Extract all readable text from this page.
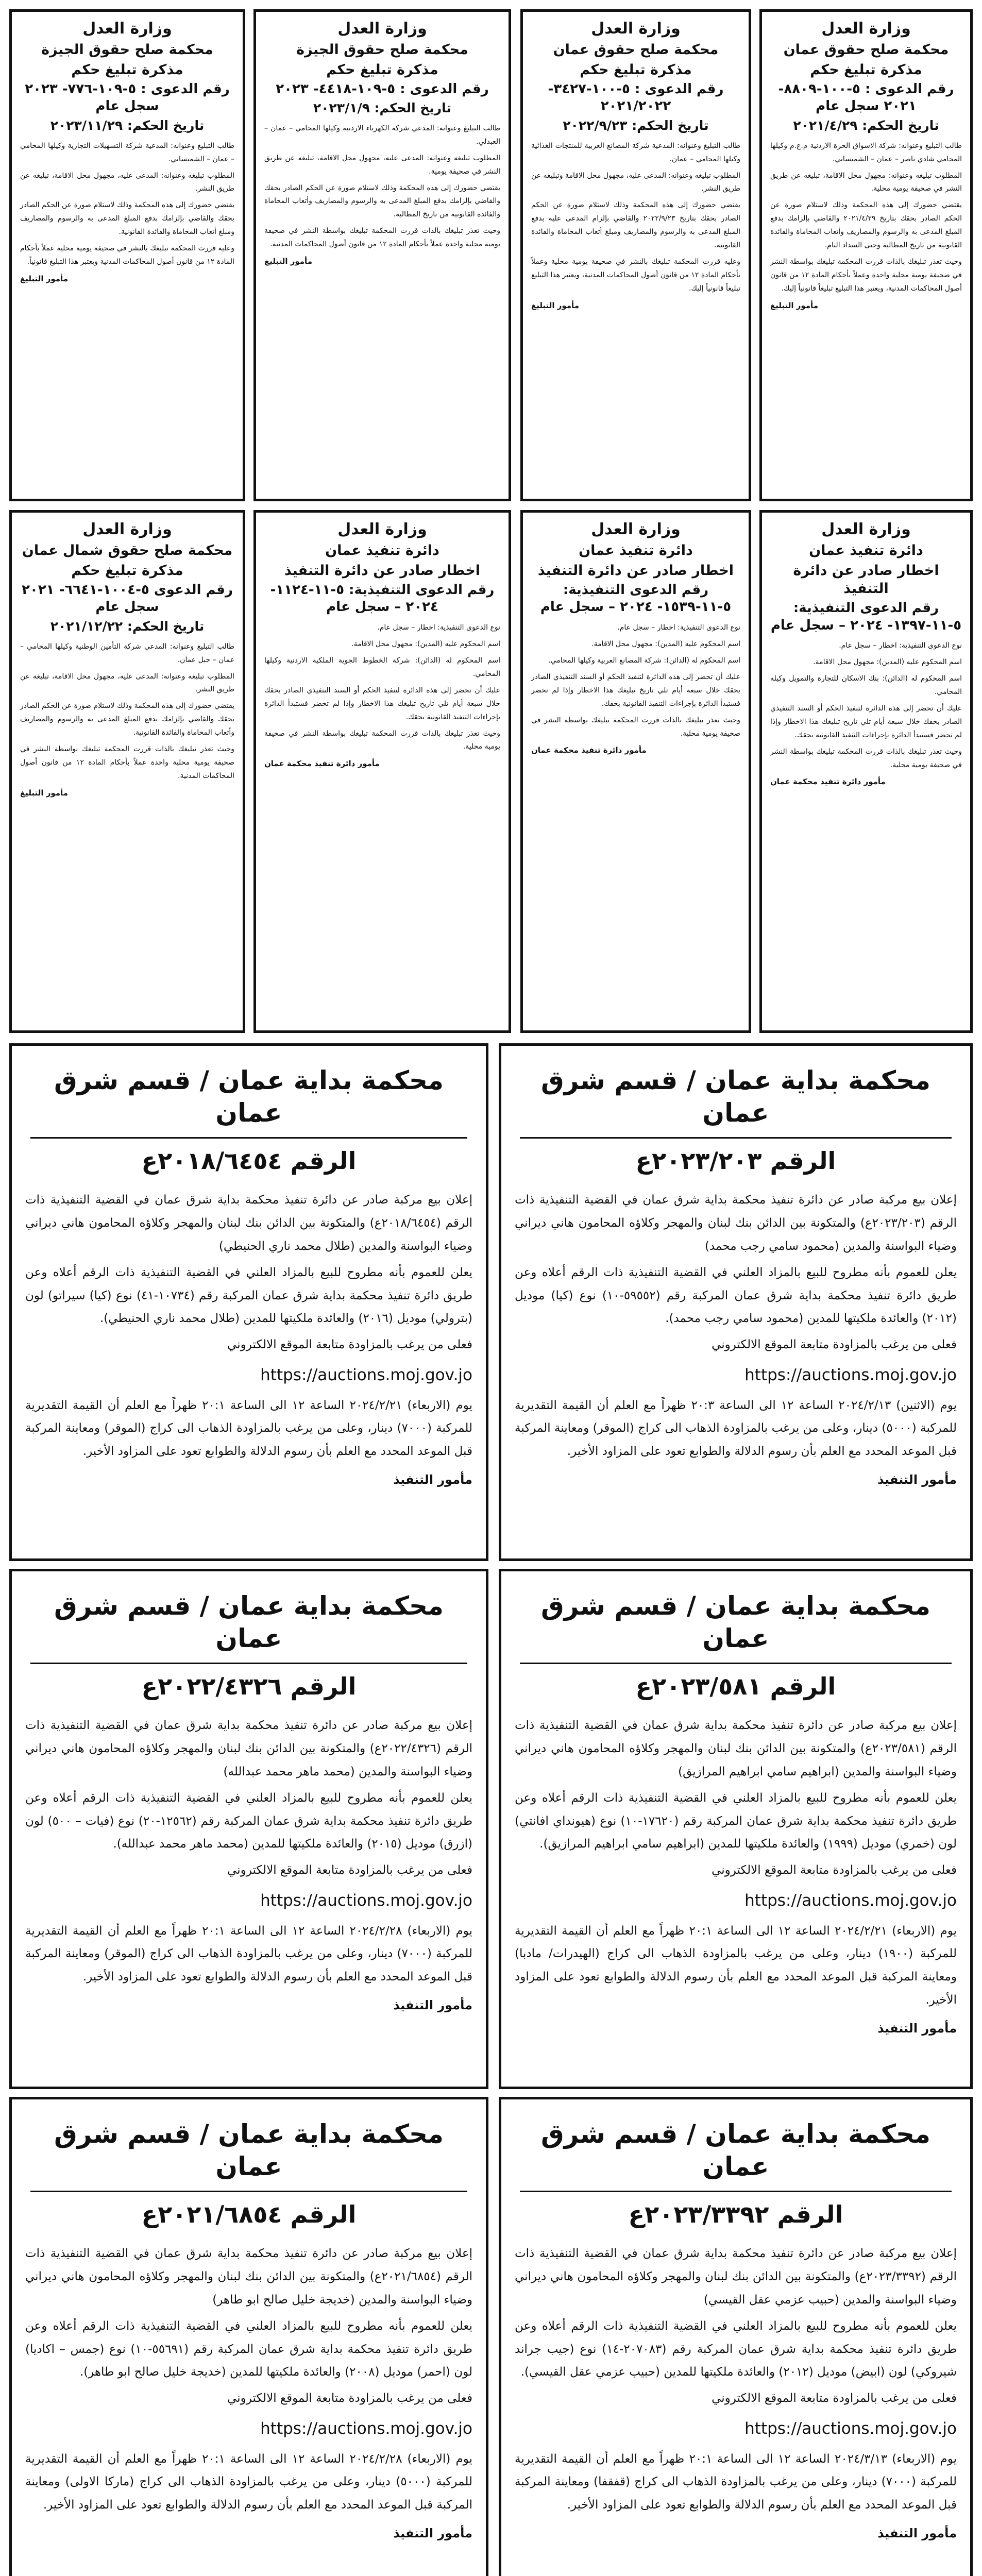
وزارة العدل
محكمة صلح حقوق عمان
مذكرة تبليغ حكم
رقم الدعوى : ٥-١٠٠-٨٨٠٩- ٢٠٢١ سجل عام
تاريخ الحكم: ٢٠٢١/٤/٢٩

طالب التبليغ وعنوانه: شركة الاسواق الحرة الاردنية م.ع.م وكيلها المحامي شادي ناصر – عمان – الشميساني.

المطلوب تبليغه وعنوانه: مجهول محل الاقامة، تبليغه عن طريق النشر في صحيفة يومية محلية.

يقتضي حضورك إلى هذه المحكمة وذلك لاستلام صورة عن الحكم الصادر بحقك بتاريخ ٢٠٢١/٤/٢٩ والقاضي بإلزامك بدفع المبلغ المدعى به والرسوم والمصاريف وأتعاب المحاماة والفائدة القانونية من تاريخ المطالبة وحتى السداد التام.

وحيث تعذر تبليغك بالذات قررت المحكمة تبليغك بواسطة النشر في صحيفة يومية محلية واحدة وعملاً بأحكام المادة ١٢ من قانون أصول المحاكمات المدنية، ويعتبر هذا التبليغ تبليغاً قانونياً إليك.

مأمور التبليغ
وزارة العدل
محكمة صلح حقوق عمان
مذكرة تبليغ حكم
رقم الدعوى : ٥-١٠٠-٣٤٢٧- ٢٠٢١/٢٠٢٢
تاريخ الحكم: ٢٠٢٢/٩/٢٣

طالب التبليغ وعنوانه: المدعية شركة المصانع العربية للمنتجات الغذائية وكيلها المحامي – عمان.

المطلوب تبليغه وعنوانه: المدعى عليه، مجهول محل الاقامة وتبليغه عن طريق النشر.

يقتضي حضورك إلى هذه المحكمة وذلك لاستلام صورة عن الحكم الصادر بحقك بتاريخ ٢٠٢٢/٩/٢٣ والقاضي بإلزام المدعى عليه بدفع المبلغ المدعى به والرسوم والمصاريف ومبلغ أتعاب المحاماة والفائدة القانونية.

وعليه قررت المحكمة تبليغك بالنشر في صحيفة يومية محلية وعملاً بأحكام المادة ١٢ من قانون أصول المحاكمات المدنية، ويعتبر هذا التبليغ تبليغاً قانونياً إليك.

مأمور التبليغ
وزارة العدل
محكمة صلح حقوق الجيزة
مذكرة تبليغ حكم
رقم الدعوى : ٥-١٠٩-٤٤١٨- ٢٠٢٣
تاريخ الحكم: ٢٠٢٣/١/٩

طالب التبليغ وعنوانه: المدعي شركة الكهرباء الاردنية وكيلها المحامي – عمان – العبدلي.

المطلوب تبليغه وعنوانه: المدعى عليه، مجهول محل الاقامة، تبليغه عن طريق النشر في صحيفة يومية.

يقتضي حضورك إلى هذه المحكمة وذلك لاستلام صورة عن الحكم الصادر بحقك والقاضي بإلزامك بدفع المبلغ المدعى به والرسوم والمصاريف وأتعاب المحاماة والفائدة القانونية من تاريخ المطالبة.

وحيث تعذر تبليغك بالذات قررت المحكمة تبليغك بواسطة النشر في صحيفة يومية محلية واحدة عملاً بأحكام المادة ١٢ من قانون أصول المحاكمات المدنية.

مأمور التبليغ
وزارة العدل
محكمة صلح حقوق الجيزة
مذكرة تبليغ حكم
رقم الدعوى : ٥-١٠٩-٧٧٦- ٢٠٢٣ سجل عام
تاريخ الحكم: ٢٠٢٣/١١/٢٩

طالب التبليغ وعنوانه: المدعية شركة التسهيلات التجارية وكيلها المحامي – عمان – الشميساني.

المطلوب تبليغه وعنوانه: المدعى عليه، مجهول محل الاقامة، تبليغه عن طريق النشر.

يقتضي حضورك إلى هذه المحكمة وذلك لاستلام صورة عن الحكم الصادر بحقك والقاضي بإلزامك بدفع المبلغ المدعى به والرسوم والمصاريف ومبلغ أتعاب المحاماة والفائدة القانونية.

وعليه قررت المحكمة تبليغك بالنشر في صحيفة يومية محلية عملاً بأحكام المادة ١٢ من قانون أصول المحاكمات المدنية ويعتبر هذا التبليغ قانونياً.

مأمور التبليغ
وزارة العدل
دائرة تنفيذ عمان
اخطار صادر عن دائرة التنفيذ
رقم الدعوى التنفيذية: ٥-١١-١٣٩٧- ٢٠٢٤ – سجل عام

نوع الدعوى التنفيذية: اخطار – سجل عام.

اسم المحكوم عليه (المدين): مجهول محل الاقامة.

اسم المحكوم له (الدائن): بنك الاسكان للتجارة والتمويل وكيله المحامي.

عليك أن تحضر إلى هذه الدائرة لتنفيذ الحكم أو السند التنفيذي الصادر بحقك خلال سبعة أيام تلي تاريخ تبليغك هذا الاخطار وإذا لم تحضر فستبدأ الدائرة بإجراءات التنفيذ القانونية بحقك.

وحيث تعذر تبليغك بالذات قررت المحكمة تبليغك بواسطة النشر في صحيفة يومية محلية.

مأمور دائرة تنفيذ محكمة عمان
وزارة العدل
دائرة تنفيذ عمان
اخطار صادر عن دائرة التنفيذ
رقم الدعوى التنفيذية: ٥-١١-١٥٣٩- ٢٠٢٤ – سجل عام

نوع الدعوى التنفيذية: اخطار – سجل عام.

اسم المحكوم عليه (المدين): مجهول محل الاقامة.

اسم المحكوم له (الدائن): شركة المصانع العربية وكيلها المحامي.

عليك أن تحضر إلى هذه الدائرة لتنفيذ الحكم أو السند التنفيذي الصادر بحقك خلال سبعة أيام تلي تاريخ تبليغك هذا الاخطار وإذا لم تحضر فستبدأ الدائرة بإجراءات التنفيذ القانونية بحقك.

وحيث تعذر تبليغك بالذات قررت المحكمة تبليغك بواسطة النشر في صحيفة يومية محلية.

مأمور دائرة تنفيذ محكمة عمان
وزارة العدل
دائرة تنفيذ عمان
اخطار صادر عن دائرة التنفيذ
رقم الدعوى التنفيذية: ٥-١١-١١٢٤- ٢٠٢٤ – سجل عام

نوع الدعوى التنفيذية: اخطار – سجل عام.

اسم المحكوم عليه (المدين): مجهول محل الاقامة.

اسم المحكوم له (الدائن): شركة الخطوط الجوية الملكية الاردنية وكيلها المحامي.

عليك أن تحضر إلى هذه الدائرة لتنفيذ الحكم أو السند التنفيذي الصادر بحقك خلال سبعة أيام تلي تاريخ تبليغك هذا الاخطار وإذا لم تحضر فستبدأ الدائرة بإجراءات التنفيذ القانونية بحقك.

وحيث تعذر تبليغك بالذات قررت المحكمة تبليغك بواسطة النشر في صحيفة يومية محلية.

مأمور دائرة تنفيذ محكمة عمان
وزارة العدل
محكمة صلح حقوق شمال عمان
مذكرة تبليغ حكم
رقم الدعوى ٥-١٠٠٤-٦٦٤١- ٢٠٢١ سجل عام
تاريخ الحكم: ٢٠٢١/١٢/٢٢

طالب التبليغ وعنوانه: المدعي شركة التأمين الوطنية وكيلها المحامي – عمان – جبل عمان.

المطلوب تبليغه وعنوانه: المدعى عليه، مجهول محل الاقامة، تبليغه عن طريق النشر.

يقتضي حضورك إلى هذه المحكمة وذلك لاستلام صورة عن الحكم الصادر بحقك والقاضي بإلزامك بدفع المبلغ المدعى به والرسوم والمصاريف وأتعاب المحاماة والفائدة القانونية.

وحيث تعذر تبليغك بالذات قررت المحكمة تبليغك بواسطة النشر في صحيفة يومية محلية واحدة عملاً بأحكام المادة ١٢ من قانون أصول المحاكمات المدنية.

مأمور التبليغ
محكمة بداية عمان / قسم شرق عمان
الرقم ٢٠٢٣/٢٠٣ع

إعلان بيع مركبة صادر عن دائرة تنفيذ محكمة بداية شرق عمان في القضية التنفيذية ذات الرقم (٢٠٢٣/٢٠٣ع) والمتكونة بين الدائن بنك لبنان والمهجر وكلاؤه المحامون هاني ديراني وضياء البواسنة والمدين (محمود سامي رجب محمد)

يعلن للعموم بأنه مطروح للبيع بالمزاد العلني في القضية التنفيذية ذات الرقم أعلاه وعن طريق دائرة تنفيذ محكمة بداية شرق عمان المركبة رقم (٥٩٥٥٢-١٠) نوع (كيا) موديل (٢٠١٢) والعائدة ملكيتها للمدين (محمود سامي رجب محمد).

فعلى من يرغب بالمزاودة متابعة الموقع الالكتروني

https://auctions.moj.gov.jo

يوم (الاثنين) ٢٠٢٤/٢/١٣ الساعة ١٢ الى الساعة ٢٠:٣ ظهراً مع العلم أن القيمة التقديرية للمركبة (٥٠٠٠) دينار، وعلى من يرغب بالمزاودة الذهاب الى كراج (الموقر) ومعاينة المركبة قبل الموعد المحدد مع العلم بأن رسوم الدلالة والطوابع تعود على المزاود الأخير.

مأمور التنفيذ
محكمة بداية عمان / قسم شرق عمان
الرقم ٢٠١٨/٦٤٥٤ع

إعلان بيع مركبة صادر عن دائرة تنفيذ محكمة بداية شرق عمان في القضية التنفيذية ذات الرقم (٢٠١٨/٦٤٥٤ع) والمتكونة بين الدائن بنك لبنان والمهجر وكلاؤه المحامون هاني ديراني وضياء البواسنة والمدين (طلال محمد ناري الحنيطي)

يعلن للعموم بأنه مطروح للبيع بالمزاد العلني في القضية التنفيذية ذات الرقم أعلاه وعن طريق دائرة تنفيذ محكمة بداية شرق عمان المركبة رقم (١٠٧٣٤-٤١) نوع (كيا) سيراتو) لون (بترولي) موديل (٢٠١٦) والعائدة ملكيتها للمدين (طلال محمد ناري الحنيطي).

فعلى من يرغب بالمزاودة متابعة الموقع الالكتروني

https://auctions.moj.gov.jo

يوم (الاربعاء) ٢٠٢٤/٢/٢١ الساعة ١٢ الى الساعة ٢٠:١ ظهراً مع العلم أن القيمة التقديرية للمركبة (٧٠٠٠) دينار، وعلى من يرغب بالمزاودة الذهاب الى كراج (الموقر) ومعاينة المركبة قبل الموعد المحدد مع العلم بأن رسوم الدلالة والطوابع تعود على المزاود الأخير.

مأمور التنفيذ
محكمة بداية عمان / قسم شرق عمان
الرقم ٢٠٢٣/٥٨١ع

إعلان بيع مركبة صادر عن دائرة تنفيذ محكمة بداية شرق عمان في القضية التنفيذية ذات الرقم (٢٠٢٣/٥٨١ع) والمتكونة بين الدائن بنك لبنان والمهجر وكلاؤه المحامون هاني ديراني وضياء البواسنة والمدين (ابراهيم سامي ابراهيم المرازيق)

يعلن للعموم بأنه مطروح للبيع بالمزاد العلني في القضية التنفيذية ذات الرقم أعلاه وعن طريق دائرة تنفيذ محكمة بداية شرق عمان المركبة رقم (١٧٦٢٠-١٠) نوع (هيونداي افانتي) لون (خمري) موديل (١٩٩٩) والعائدة ملكيتها للمدين (ابراهيم سامي ابراهيم المرازيق).

فعلى من يرغب بالمزاودة متابعة الموقع الالكتروني

https://auctions.moj.gov.jo

يوم (الاربعاء) ٢٠٢٤/٢/٢١ الساعة ١٢ الى الساعة ٢٠:١ ظهراً مع العلم أن القيمة التقديرية للمركبة (١٩٠٠) دينار، وعلى من يرغب بالمزاودة الذهاب الى كراج (الهيدرات/ مادبا) ومعاينة المركبة قبل الموعد المحدد مع العلم بأن رسوم الدلالة والطوابع تعود على المزاود الأخير.

مأمور التنفيذ
محكمة بداية عمان / قسم شرق عمان
الرقم ٢٠٢٢/٤٣٢٦ع

إعلان بيع مركبة صادر عن دائرة تنفيذ محكمة بداية شرق عمان في القضية التنفيذية ذات الرقم (٢٠٢٢/٤٣٢٦ع) والمتكونة بين الدائن بنك لبنان والمهجر وكلاؤه المحامون هاني ديراني وضياء البواسنة والمدين (محمد ماهر محمد عبدالله)

يعلن للعموم بأنه مطروح للبيع بالمزاد العلني في القضية التنفيذية ذات الرقم أعلاه وعن طريق دائرة تنفيذ محكمة بداية شرق عمان المركبة رقم (١٢٥٦٢-٢٠) نوع (فيات – ٥٠٠) لون (ازرق) موديل (٢٠١٥) والعائدة ملكيتها للمدين (محمد ماهر محمد عبدالله).

فعلى من يرغب بالمزاودة متابعة الموقع الالكتروني

https://auctions.moj.gov.jo

يوم (الاربعاء) ٢٠٢٤/٢/٢٨ الساعة ١٢ الى الساعة ٢٠:١ ظهراً مع العلم أن القيمة التقديرية للمركبة (٧٠٠٠) دينار، وعلى من يرغب بالمزاودة الذهاب الى كراج (الموقر) ومعاينة المركبة قبل الموعد المحدد مع العلم بأن رسوم الدلالة والطوابع تعود على المزاود الأخير.

مأمور التنفيذ
محكمة بداية عمان / قسم شرق عمان
الرقم ٢٠٢٣/٣٣٩٢ع

إعلان بيع مركبة صادر عن دائرة تنفيذ محكمة بداية شرق عمان في القضية التنفيذية ذات الرقم (٢٠٢٣/٣٣٩٢ع) والمتكونة بين الدائن بنك لبنان والمهجر وكلاؤه المحامون هاني ديراني وضياء البواسنة والمدين (حبيب عزمي عقل القيسي)

يعلن للعموم بأنه مطروح للبيع بالمزاد العلني في القضية التنفيذية ذات الرقم أعلاه وعن طريق دائرة تنفيذ محكمة بداية شرق عمان المركبة رقم (٢٠٧٠٨٣-١٤) نوع (جيب جراند شيروكي) لون (ابيض) موديل (٢٠١٢) والعائدة ملكيتها للمدين (حبيب عزمي عقل القيسي).

فعلى من يرغب بالمزاودة متابعة الموقع الالكتروني

https://auctions.moj.gov.jo

يوم (الاربعاء) ٢٠٢٤/٣/١٣ الساعة ١٢ الى الساعة ٢٠:١ ظهراً مع العلم أن القيمة التقديرية للمركبة (٧٠٠٠) دينار، وعلى من يرغب بالمزاودة الذهاب الى كراج (قفقفا) ومعاينة المركبة قبل الموعد المحدد مع العلم بأن رسوم الدلالة والطوابع تعود على المزاود الأخير.

مأمور التنفيذ
محكمة بداية عمان / قسم شرق عمان
الرقم ٢٠٢١/٦٨٥٤ع

إعلان بيع مركبة صادر عن دائرة تنفيذ محكمة بداية شرق عمان في القضية التنفيذية ذات الرقم (٢٠٢١/٦٨٥٤ع) والمتكونة بين الدائن بنك لبنان والمهجر وكلاؤه المحامون هاني ديراني وضياء البواسنة والمدين (خديجة خليل صالح ابو طاهر)

يعلن للعموم بأنه مطروح للبيع بالمزاد العلني في القضية التنفيذية ذات الرقم أعلاه وعن طريق دائرة تنفيذ محكمة بداية شرق عمان المركبة رقم (٥٥٦٩١-١٠) نوع (جمس – اكاديا) لون (احمر) موديل (٢٠٠٨) والعائدة ملكيتها للمدين (خديجة خليل صالح ابو طاهر).

فعلى من يرغب بالمزاودة متابعة الموقع الالكتروني

https://auctions.moj.gov.jo

يوم (الاربعاء) ٢٠٢٤/٢/٢٨ الساعة ١٢ الى الساعة ٢٠:١ ظهراً مع العلم أن القيمة التقديرية للمركبة (٥٠٠٠) دينار، وعلى من يرغب بالمزاودة الذهاب الى كراج (ماركا الاولى) ومعاينة المركبة قبل الموعد المحدد مع العلم بأن رسوم الدلالة والطوابع تعود على المزاود الأخير.

مأمور التنفيذ
